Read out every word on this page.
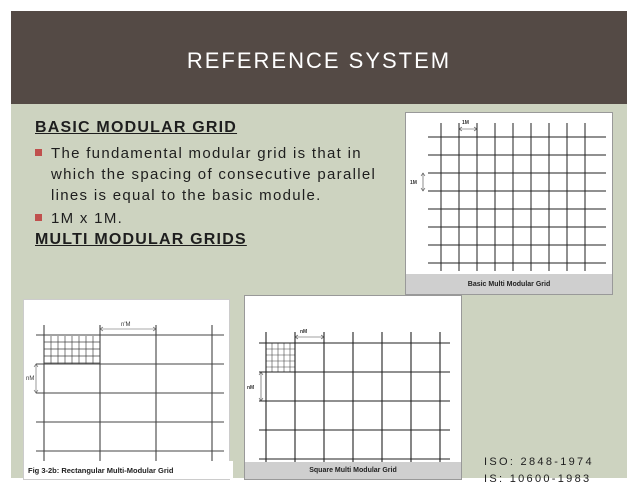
REFERENCE SYSTEM
BASIC MODULAR GRID
The fundamental modular grid is that in which the spacing of consecutive parallel lines is equal to the basic module.
1M x 1M.
MULTI MODULAR GRIDS
1M
1M
Basic Multi Modular Grid
n'M
nM
Fig 3-2b: Rectangular Multi-Modular Grid
nM
nM
Square Multi Modular Grid
ISO: 2848-1974
IS: 10600-1983
